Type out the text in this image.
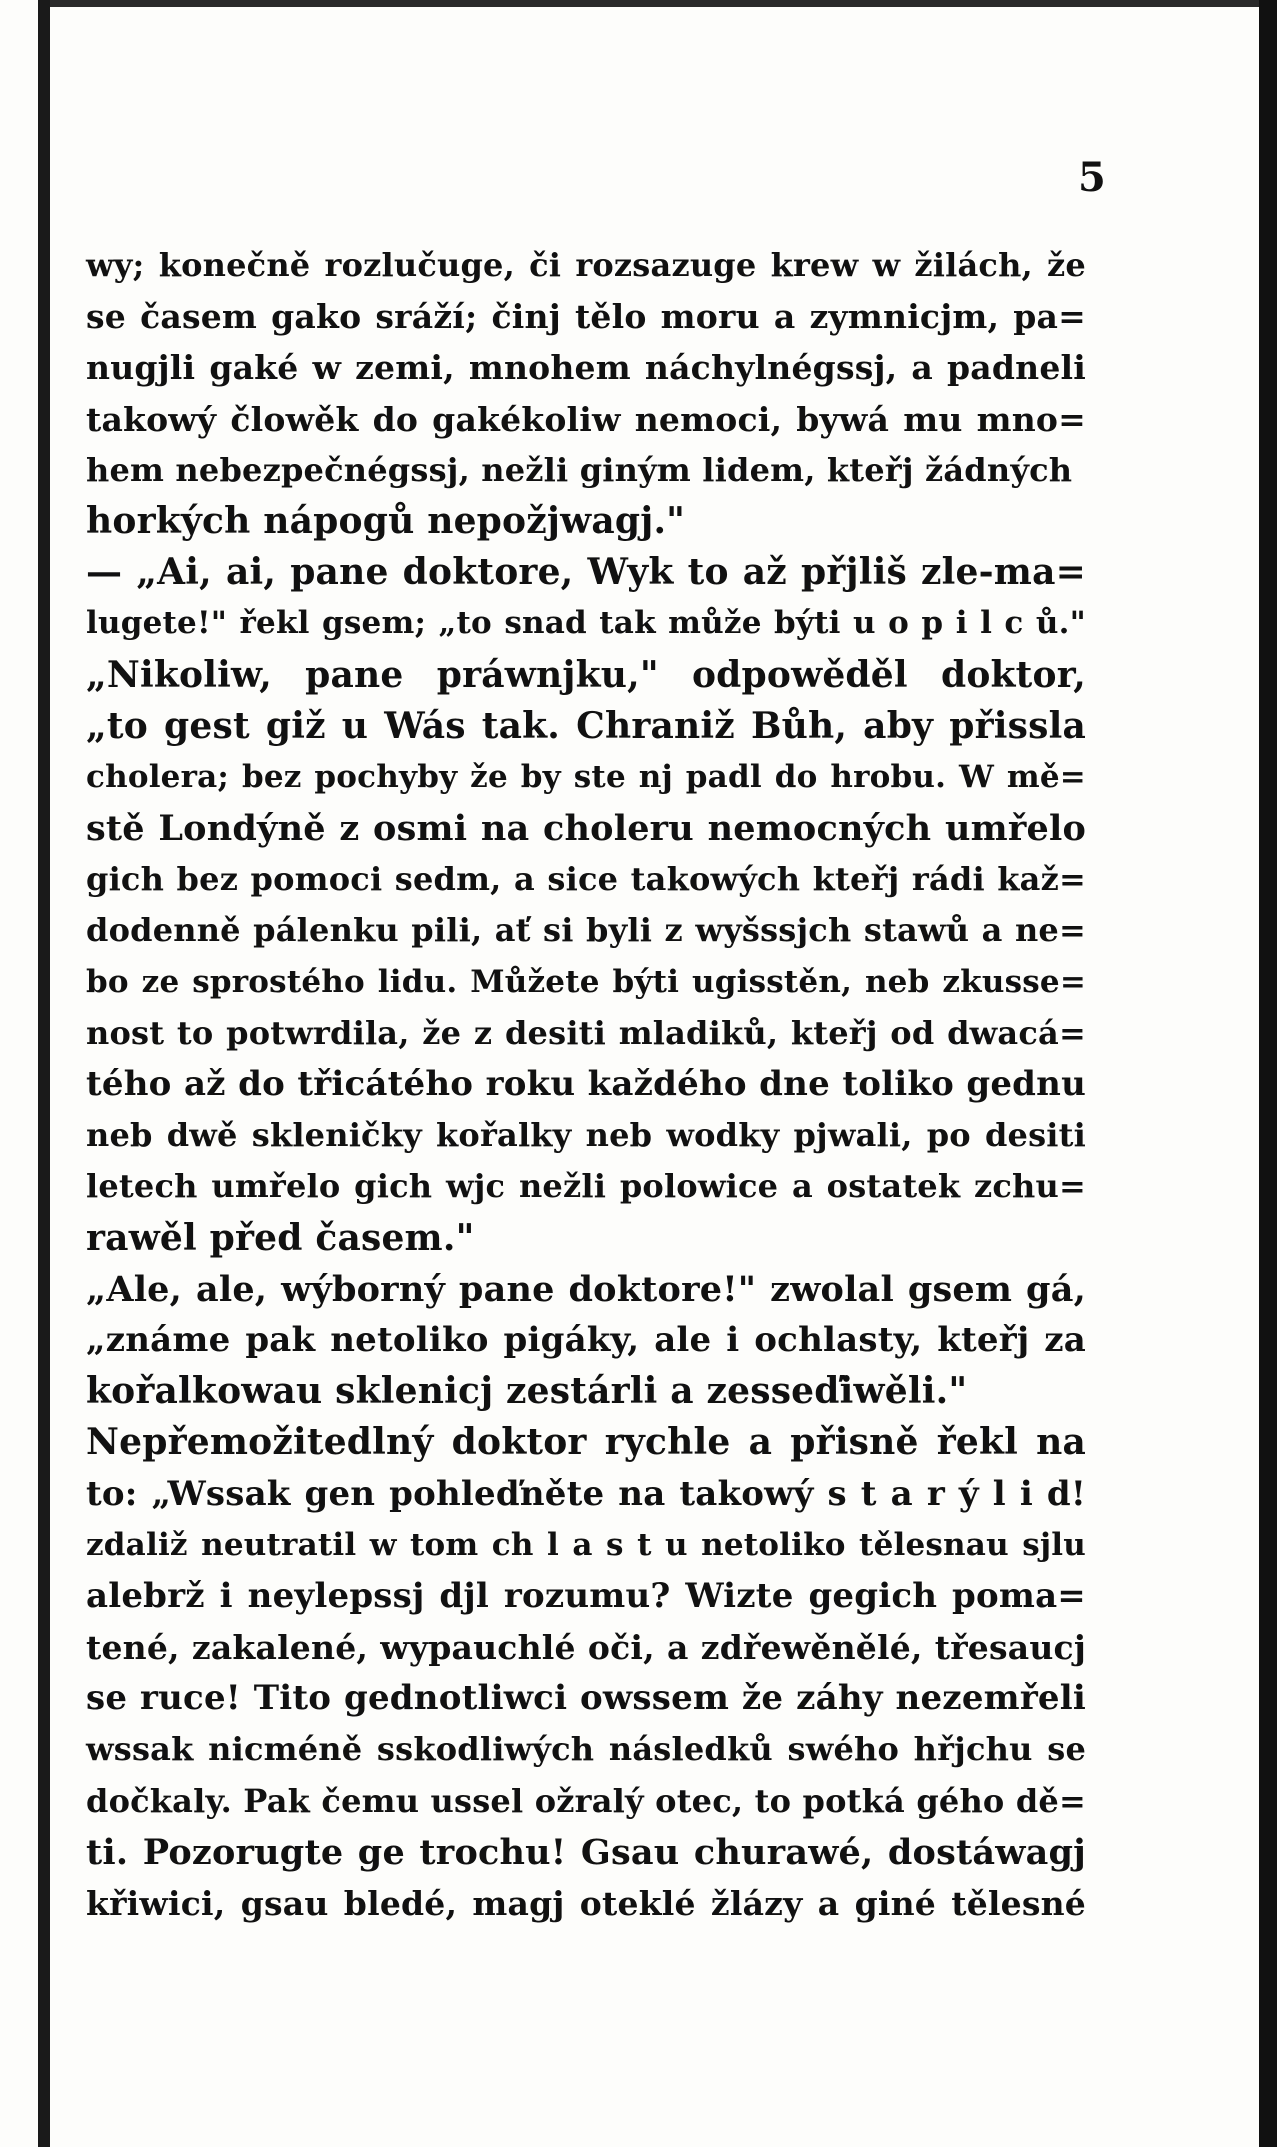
5
wy; konečně rozlučuge, či rozsazuge krew w žilách, že
se časem gako sráží; činj tělo moru a zymnicjm, pa=
nugjli gaké w zemi, mnohem náchylnégssj, a padneli
takowý člowěk do gakékoliw nemoci, bywá mu mno=
hem nebezpečnégssj, nežli giným lidem, kteřj žádných
horkých nápogů nepožjwagj."
— „Ai, ai, pane doktore, Wyk to až přjliš zle-ma=
lugete!" řekl gsem; „to snad tak může býti u o p i l c ů."
„Nikoliw, pane práwnjku," odpowěděl doktor,
„to gest giž u Wás tak. Chraniž Bůh, aby přissla
cholera; bez pochyby že by ste nj padl do hrobu. W mě=
stě Londýně z osmi na choleru nemocných umřelo
gich bez pomoci sedm, a sice takowých kteřj rádi kaž=
dodenně pálenku pili, ať si byli z wyšssjch stawů a ne=
bo ze sprostého lidu. Můžete býti ugisstěn, neb zkusse=
nost to potwrdila, že z desiti mladiků, kteřj od dwacá=
tého až do třicátého roku každého dne toliko gednu
neb dwě skleničky kořalky neb wodky pjwali, po desiti
letech umřelo gich wjc nežli polowice a ostatek zchu=
rawěl před časem."
„Ale, ale, wýborný pane doktore!" zwolal gsem gá,
„známe pak netoliko pigáky, ale i ochlasty, kteřj za
kořalkowau sklenicj zestárli a zesseďiwěli."
Nepřemožitedlný doktor rychle a přisně řekl na
to: „Wssak gen pohleďněte na takowý s t a r ý l i d!
zdaliž neutratil w tom ch l a s t u netoliko tělesnau sjlu
alebrž i neylepssj djl rozumu? Wizte gegich poma=
tené, zakalené, wypauchlé oči, a zdřewěnělé, třesaucj
se ruce! Tito gednotliwci owssem že záhy nezemřeli
wssak nicméně sskodliwých následků swého hřjchu se
dočkaly. Pak čemu ussel ožralý otec, to potká gého dě=
ti. Pozorugte ge trochu! Gsau churawé, dostáwagj
křiwici, gsau bledé, magj oteklé žlázy a giné tělesné
